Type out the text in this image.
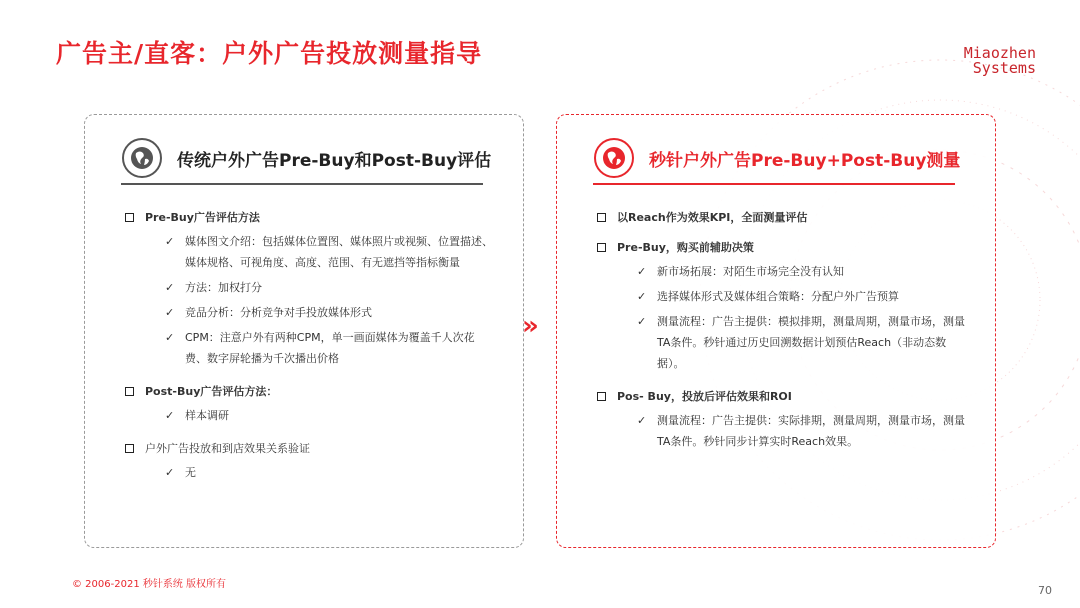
广告主/直客：户外广告投放测量指导	Miaozhen
Systems
传统户外广告Pre-Buy和Post-Buy评估
Pre-Buy广告评估方法
✓ 媒体图文介绍：包括媒体位置图、媒体照片或视频、位置描述、媒体规格、可视角度、高度、范围、有无遮挡等指标衡量
✓ 方法：加权打分
✓ 竞品分析：分析竞争对手投放媒体形式
✓ CPM：注意户外有两种CPM，单一画面媒体为覆盖千人次花费、数字屏轮播为千次播出价格
Post-Buy广告评估方法：
✓ 样本调研
户外广告投放和到店效果关系验证
✓ 无
»
秒针户外广告Pre-Buy+Post-Buy测量
以Reach作为效果KPI，全面测量评估
Pre-Buy，购买前辅助决策
✓ 新市场拓展：对陌生市场完全没有认知
✓ 选择媒体形式及媒体组合策略：分配户外广告预算
✓ 测量流程：广告主提供：模拟排期，测量周期，测量市场，测量TA条件。秒针通过历史回溯数据计划预估Reach（非动态数据）。
Pos- Buy，投放后评估效果和ROI
✓ 测量流程：广告主提供：实际排期，测量周期，测量市场，测量TA条件。秒针同步计算实时Reach效果。
© 2006-2021 秒针系统 版权所有	70
